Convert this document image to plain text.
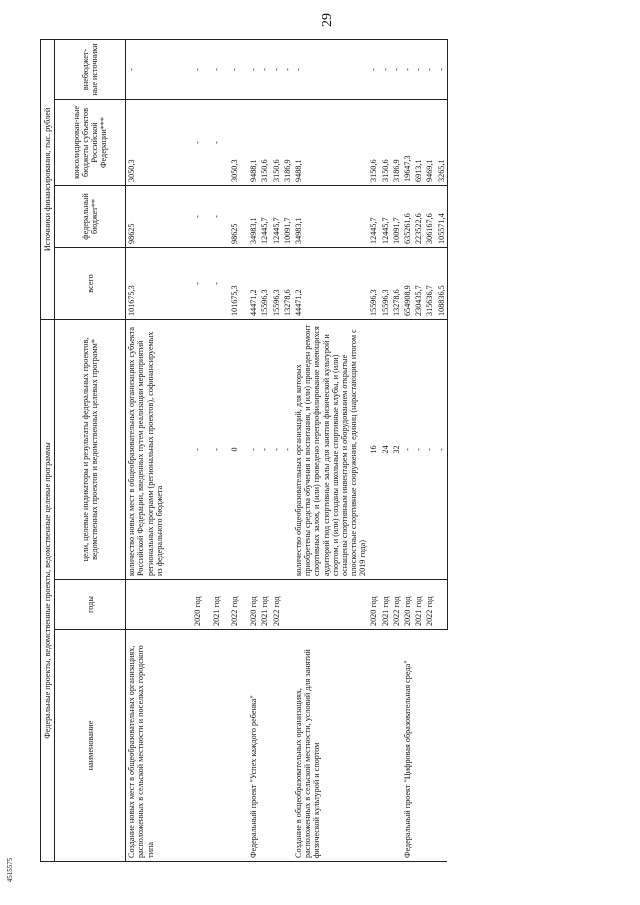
29
4515575
Федеральные проекты, ведомственные проекты, ведомственные целевые программы			Источники финансирования, тыс. рублей			
наименование	годы	цели, целевые индикаторы и результаты федеральных проектов, ведомственных проектов и ведомственных целевых программ*	всего	федеральный бюджет**	консолидирован-ные бюджеты субъектов Российской Федерации***	внебюджет-ные источники
Создание новых мест в общеобразовательных организациях, расположенных в сельской местности и поселках городского типа		количество новых мест в общеобразовательных организациях субъекта Российской Федерации, введенных путем реализации мероприятий региональных программ (региональных проектов), софинансируемых из федерального бюджета	101675,3	98625	3050,3	-
	2020 год	-	-	-	-	-
	2021 год	-	-	-	-	-
	2022 год	0	101675,3	98625	3050,3	-
Федеральный проект "Успех каждого ребенка"	2020 год	-	44471,2	34983,1	9488,1	-
	2021 год	-	15596,3	12445,7	3150,6	-
	2022 год	-	15596,3	12445,7	3150,6	-
		-	13278,6	10091,7	3186,9	-
Создание в общеобразовательных организациях, расположенных в сельской местности, условий для занятий физической культурой и спортом		количество общеобразовательных организаций, для которых приобретены средства обучения и воспитания, и (или) проведен ремонт спортивных залов, и (или) проведено перепрофилирование имеющихся аудиторий под спортивные залы для занятия физической культурой и спортом, и (или) созданы школьные спортивные клубы, и (или) оснащены спортивным инвентарем и оборудованием открытые плоскостные спортивные сооружения, единиц (нарастающим итогом с 2019 года)	44471,2	34983,1	9488,1	-
	2020 год	16	15596,3	12445,7	3150,6	-
	2021 год	24	15596,3	12445,7	3150,6	-
	2022 год	32	13278,6	10091,7	3186,9	-
Федеральный проект "Цифровая образовательная среда"	2020 год	-	654908,9	635261,6	19647,3	-
	2021 год	-	230435,7	223522,6	6913,1	-
	2022 год	-	315636,7	306167,6	9469,1	-
		-	108836,5	105571,4	3265,1	-
